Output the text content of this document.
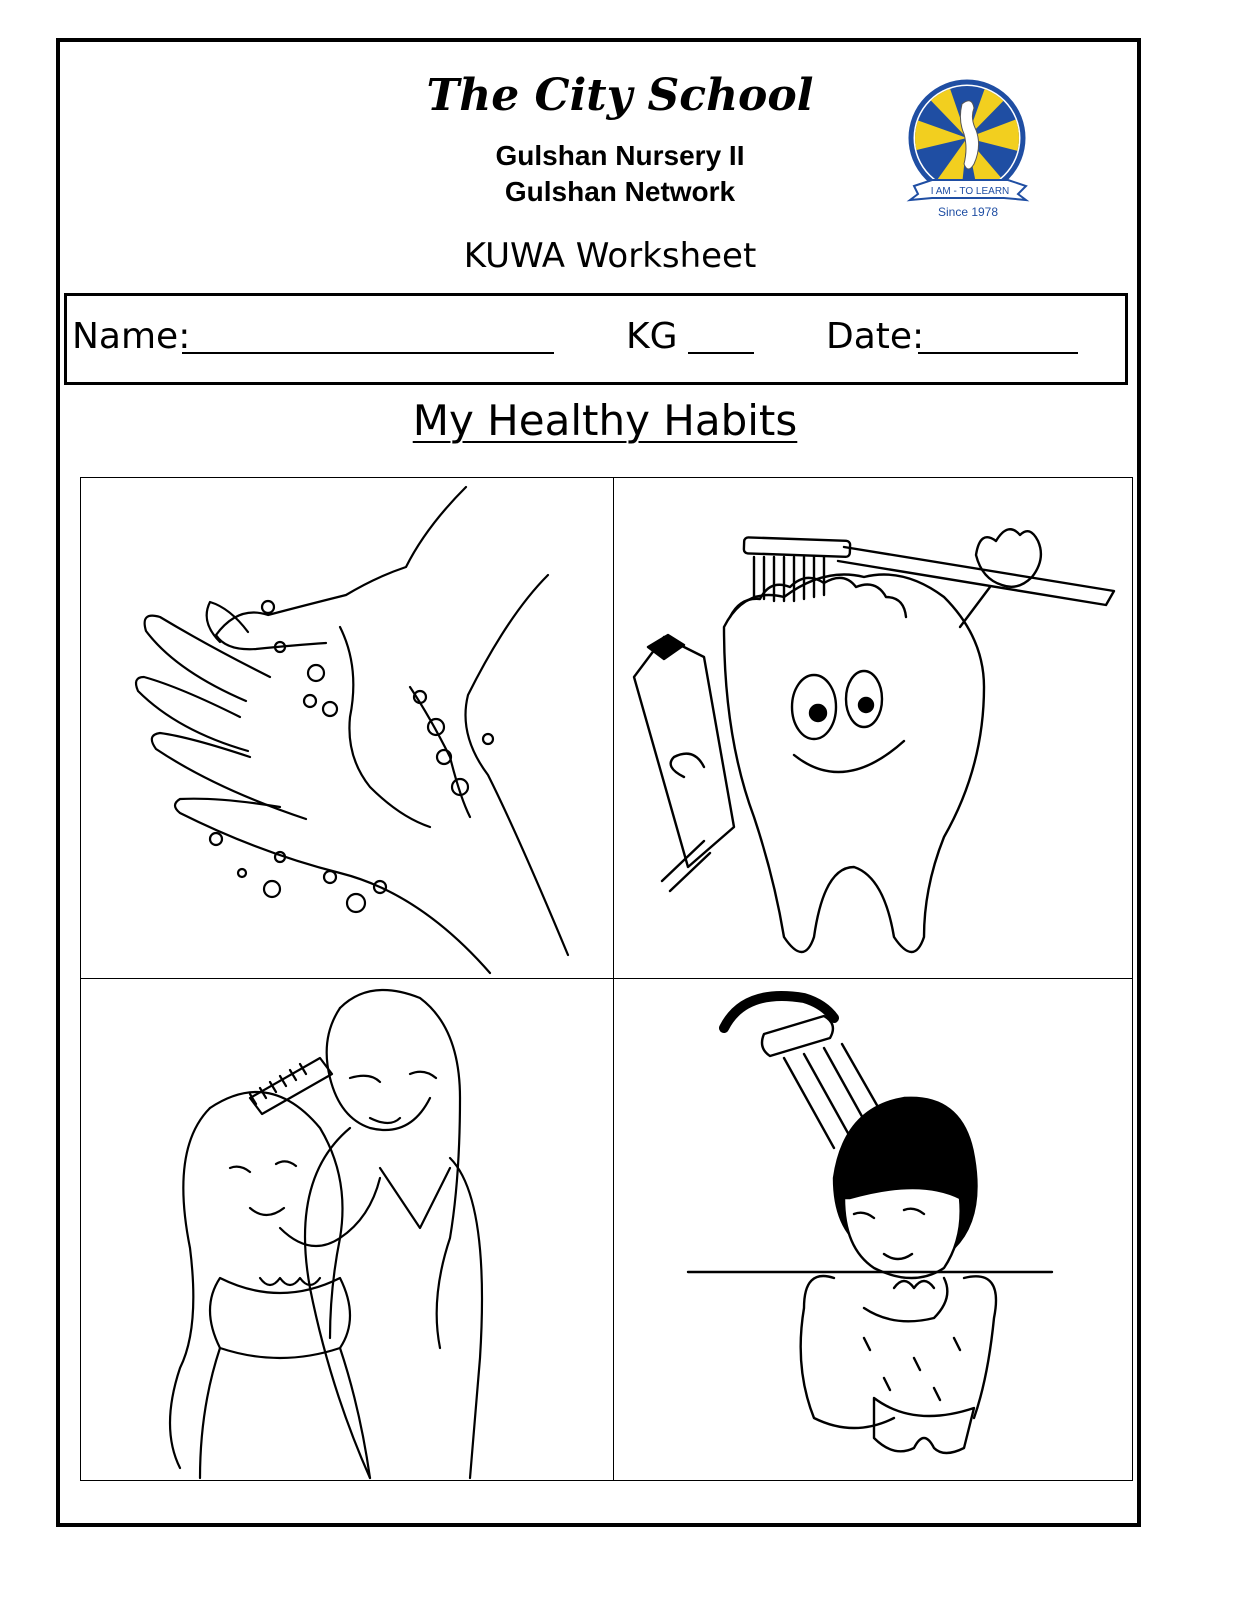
The City School
Gulshan Nursery II
Gulshan Network
KUWA Worksheet
I AM - TO LEARN
Since 1978
Name:	KG	Date:
My Healthy Habits
